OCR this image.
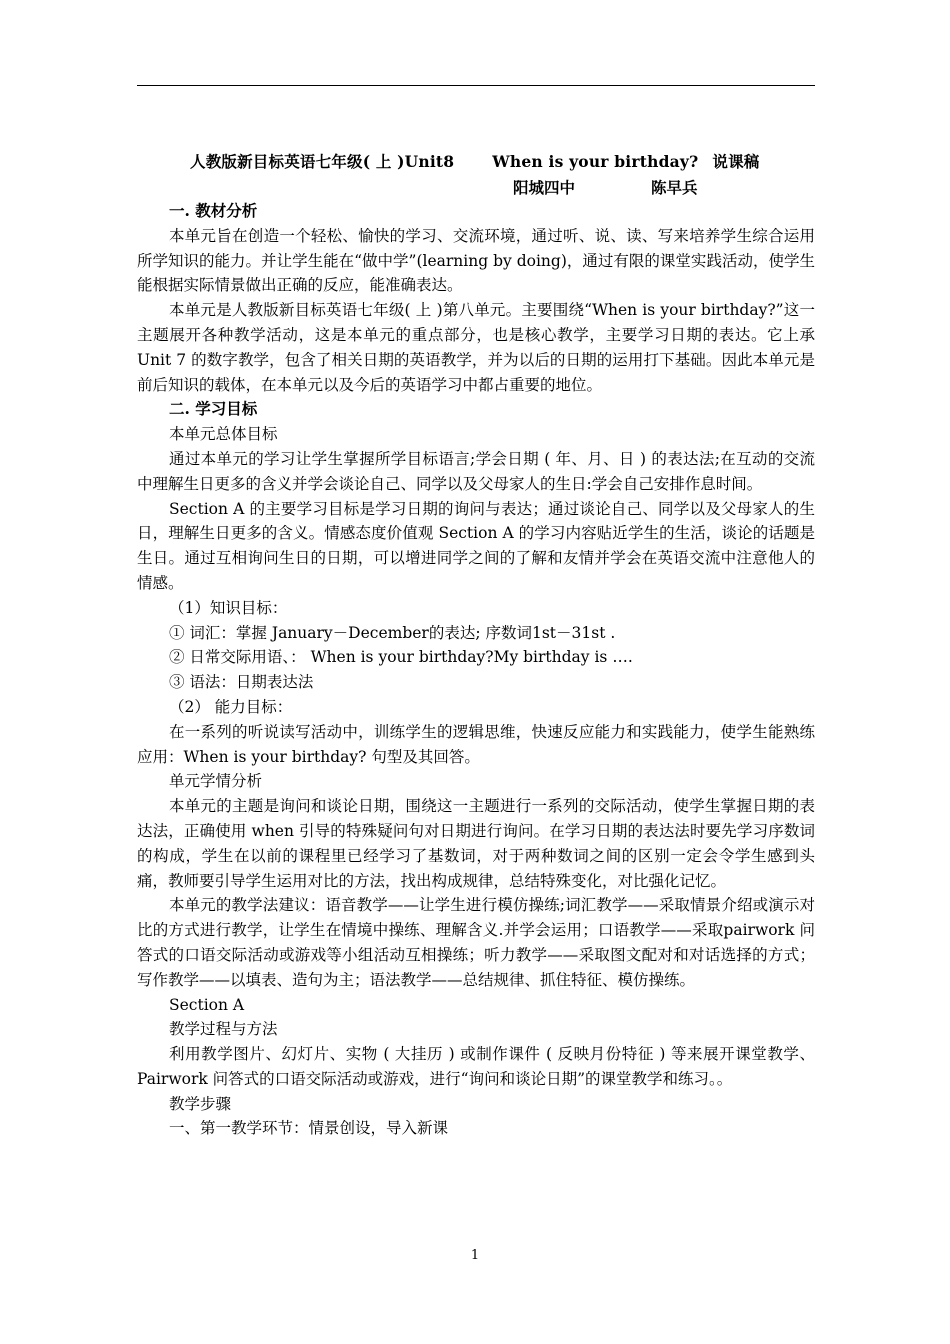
人教版新目标英语七年级( 上 )Unit8 When is your birthday? 说课稿
阳城四中	陈早兵

一. 教材分析

本单元旨在创造一个轻松、愉快的学习、交流环境，通过听、说、读、写来培养学生综合运用所学知识的能力。并让学生能在“做中学”(learning by doing)，通过有限的课堂实践活动，使学生能根据实际情景做出正确的反应，能准确表达。

本单元是人教版新目标英语七年级( 上 )第八单元。主要围绕“When is your birthday?”这一主题展开各种教学活动，这是本单元的重点部分，也是核心教学，主要学习日期的表达。它上承Unit 7 的数字教学，包含了相关日期的英语教学，并为以后的日期的运用打下基础。因此本单元是前后知识的载体，在本单元以及今后的英语学习中都占重要的地位。

二. 学习目标

本单元总体目标

通过本单元的学习让学生掌握所学目标语言;学会日期 ( 年、月、日 ) 的表达法;在互动的交流中理解生日更多的含义并学会谈论自己、同学以及父母家人的生日:学会自己安排作息时间。

Section A 的主要学习目标是学习日期的询问与表达；通过谈论自己、同学以及父母家人的生日，理解生日更多的含义。情感态度价值观 Section A 的学习内容贴近学生的生活，谈论的话题是生日。通过互相询问生日的日期，可以增进同学之间的了解和友情并学会在英语交流中注意他人的情感。

（1）知识目标：

① 词汇：掌握 January－December的表达; 序数词1st－31st .

② 日常交际用语、： When is your birthday?My birthday is ….

③ 语法：日期表达法

（2） 能力目标：

在一系列的听说读写活动中，训练学生的逻辑思维，快速反应能力和实践能力，使学生能熟练应用：When is your birthday? 句型及其回答。

单元学情分析

本单元的主题是询问和谈论日期，围绕这一主题进行一系列的交际活动，使学生掌握日期的表达法，正确使用 when 引导的特殊疑问句对日期进行询问。在学习日期的表达法时要先学习序数词的构成，学生在以前的课程里已经学习了基数词，对于两种数词之间的区别一定会令学生感到头痛，教师要引导学生运用对比的方法，找出构成规律，总结特殊变化，对比强化记忆。

本单元的教学法建议：语音教学——让学生进行模仿操练;词汇教学——采取情景介绍或演示对比的方式进行教学，让学生在情境中操练、理解含义.并学会运用；口语教学——采取pairwork 问答式的口语交际活动或游戏等小组活动互相操练；听力教学——采取图文配对和对话选择的方式；写作教学——以填表、造句为主；语法教学——总结规律、抓住特征、模仿操练。

Section A

教学过程与方法

利用教学图片、幻灯片、实物 ( 大挂历 ) 或制作课件 ( 反映月份特征 ) 等来展开课堂教学、 Pairwork 问答式的口语交际活动或游戏，进行“询问和谈论日期”的课堂教学和练习。。

教学步骤

一、第一教学环节：情景创设，导入新课

1
